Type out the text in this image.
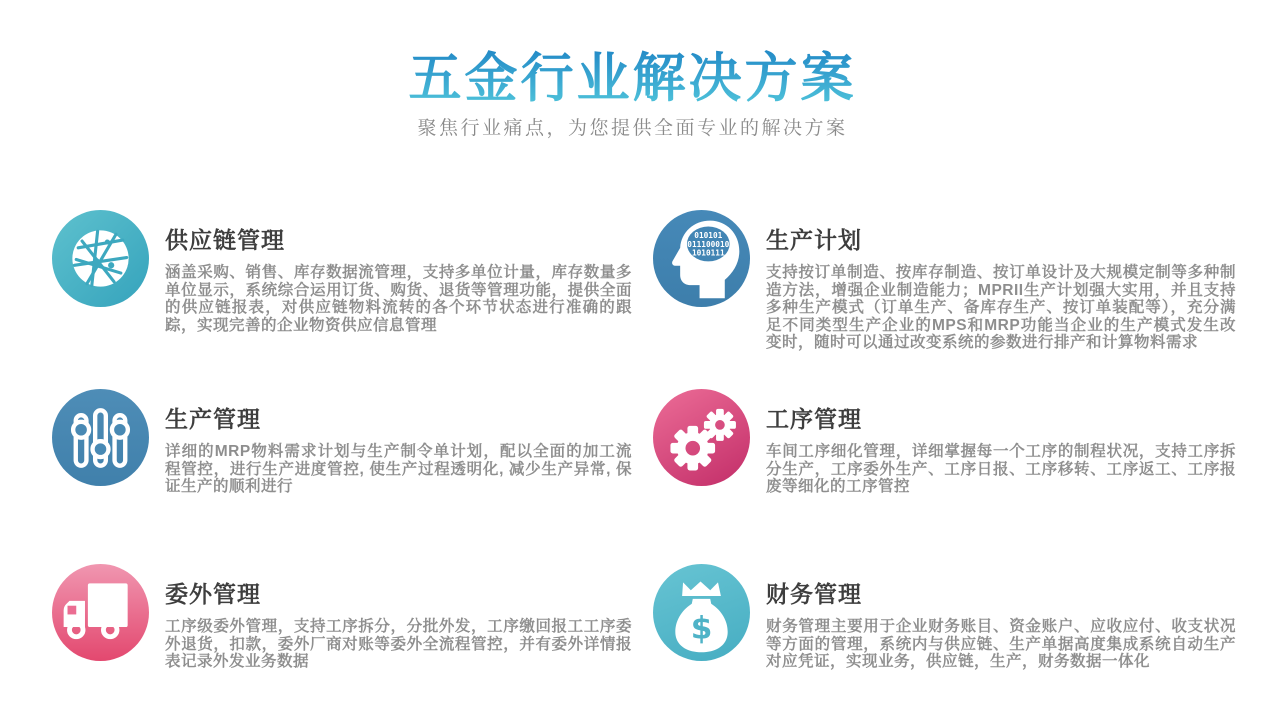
五金行业解决方案

聚焦行业痛点，为您提供全面专业的解决方案

供应链管理

涵盖采购、销售、库存数据流管理，支持多单位计量，库存数量多单位显示，系统综合运用订货、购货、退货等管理功能，提供全面的供应链报表，对供应链物料流转的各个环节状态进行准确的跟踪，实现完善的企业物资供应信息管理

010101
011100010
1010111
生产计划

支持按订单制造、按库存制造、按订单设计及大规模定制等多种制造方法，增强企业制造能力；MPRII生产计划强大实用，并且支持多种生产模式（订单生产、备库存生产、按订单装配等），充分满足不同类型生产企业的MPS和MRP功能当企业的生产模式发生改变时，随时可以通过改变系统的参数进行排产和计算物料需求

生产管理

详细的MRP物料需求计划与生产制令单计划，配以全面的加工流程管控，进行生产进度管控, 使生产过程透明化, 减少生产异常, 保证生产的顺利进行

工序管理

车间工序细化管理，详细掌握每一个工序的制程状况，支持工序拆分生产，工序委外生产、工序日报、工序移转、工序返工、工序报废等细化的工序管控

委外管理

工序级委外管理，支持工序拆分，分批外发，工序缴回报工工序委外退货，扣款，委外厂商对账等委外全流程管控，并有委外详情报表记录外发业务数据

$
财务管理

财务管理主要用于企业财务账目、资金账户、应收应付、收支状况等方面的管理，系统内与供应链、生产单据高度集成系统自动生产对应凭证，实现业务，供应链，生产，财务数据一体化
